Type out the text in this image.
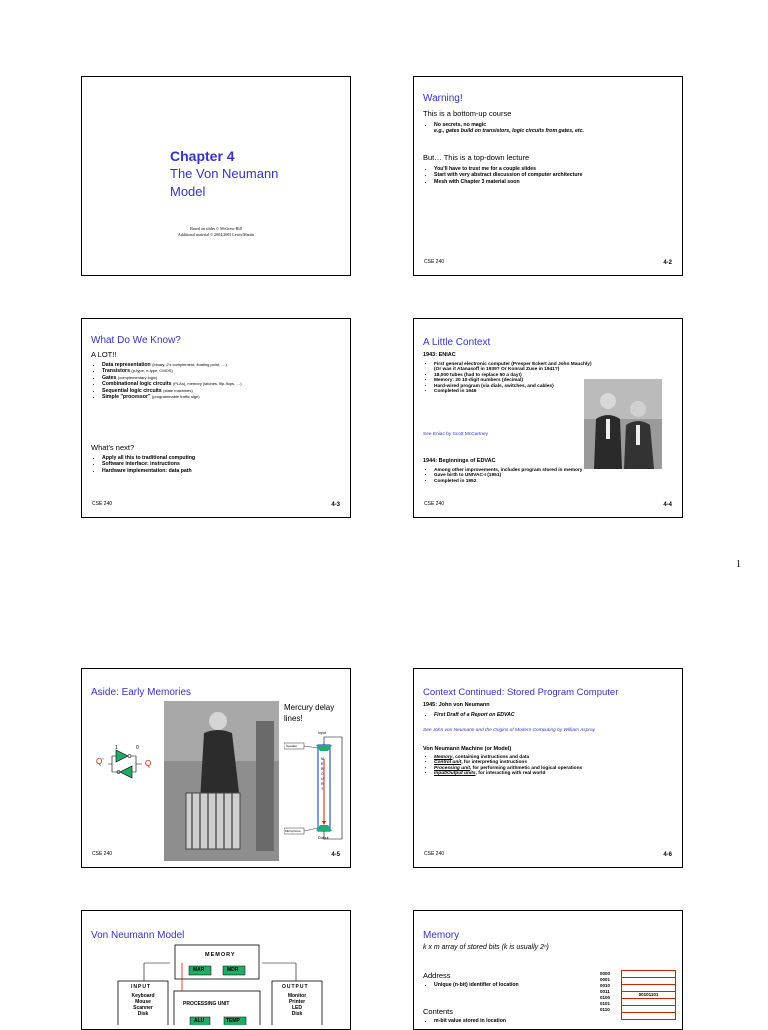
Chapter 4
The Von Neumann
Model
Based on slides © McGraw-Hill
Additional material © 2004/2005 Lewis/Martin
Warning!
This is a bottom-up course
• No secrets, no magic
e.g., gates build on transistors, logic circuits from gates, etc.
But… This is a top-down lecture
• You'll have to trust me for a couple slides
• Start with very abstract discussion of computer architecture
• Mesh with Chapter 3 material soon
CSE 240	4-2
What Do We Know?
A LOT!!
• Data representation (binary, 2's complement, floating point, …)
• Transistors (p-type, n-type, CMOS)
• Gates (complementary logic)
• Combinational logic circuits (PLAs), memory (latches, flip-flops, …)
• Sequential logic circuits (state machines)
• Simple "processor" (programmable traffic sign)
What's next?
• Apply all this to traditional computing
• Software interface: instructions
• Hardware implementation: data path
CSE 240	4-3
A Little Context
1943: ENIAC
• First general electronic computer (Presper Eckert and John Mauchly)
(Or was it Atanasoff in 1939? Or Konrad Zuse in 1941?)
• 18,000 tubes (had to replace 50 a day!)
• Memory: 20 10-digit numbers (decimal)
• Hard-wired program (via dials, switches, and cables)
• Completed in 1946
See Eniac by Scott McCartney
1944: Beginnings of EDVAC
• Among other improvements, includes program stored in memory
• Gave birth to UNIVAC-I (1951)
• Completed in 1952
CSE 240	4-4
1
Aside: Early Memories
Q'	Q
1	0
Mercury delay
lines!
Input
Speaker
Microphone
Output
MERCURY
CSE 240	4-5
Context Continued: Stored Program Computer
1945: John von Neumann
• First Draft of a Report on EDVAC
See John von Neumann and the Origins of Modern Computing by William Aspray
Von Neumann Machine (or Model)
• Memory, containing instructions and data
• Control unit, for interpreting instructions
• Processing unit, for performing arithmetic and logical operations
• Input/Output units, for interacting with real world
CSE 240	4-6
Von Neumann Model
MEMORY
MAR	MDR
INPUT
Keyboard
Mouse
Scanner
Disk
PROCESSING UNIT
ALU	TEMP
OUTPUT
Monitor
Printer
LED
Disk
Memory
k x m array of stored bits (k is usually 2ⁿ)
Address
• Unique (n-bit) identifier of location
Contents
• m-bit value stored in location
0000
0001
0010
0011
0100
0101
0110
00101101
